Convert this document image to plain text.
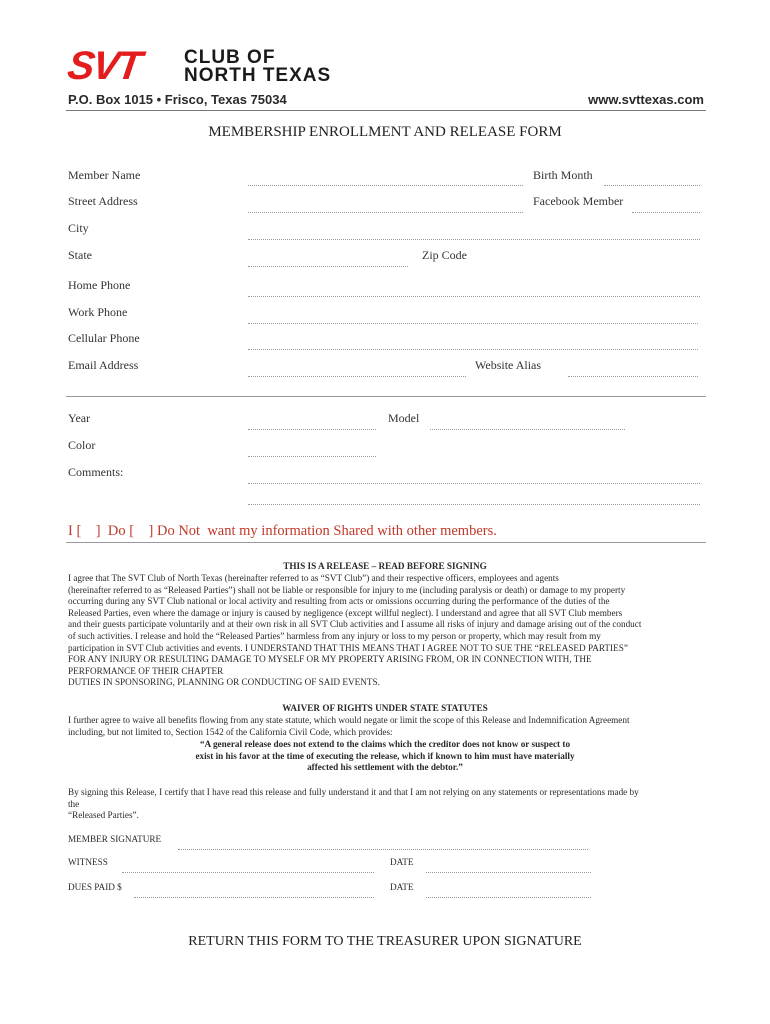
SVT CLUB OF
NORTH TEXAS
P.O. Box 1015 • Frisco, Texas 75034	www.svttexas.com
MEMBERSHIP ENROLLMENT AND RELEASE FORM
Member Name	Birth Month
Street Address	Facebook Member
City
State	Zip Code
Home Phone
Work Phone
Cellular Phone
Email Address	Website Alias
Year	Model
Color
Comments:
I [    ]  Do [    ] Do Not  want my information Shared with other members.
THIS IS A RELEASE – READ BEFORE SIGNING
I agree that The SVT Club of North Texas (hereinafter referred to as “SVT Club”) and their respective officers, employees and agents
(hereinafter referred to as “Released Parties”) shall not be liable or responsible for injury to me (including paralysis or death) or damage to my property
occurring during any SVT Club national or local activity and resulting from acts or omissions occurring during the performance of the duties of the
Released Parties, even where the damage or injury is caused by negligence (except willful neglect). I understand and agree that all SVT Club members
and their guests participate voluntarily and at their own risk in all SVT Club activities and I assume all risks of injury and damage arising out of the conduct
of such activities. I release and hold the “Released Parties” harmless from any injury or loss to my person or property, which may result from my
participation in SVT Club activities and events. I UNDERSTAND THAT THIS MEANS THAT I AGREE NOT TO SUE THE “RELEASED PARTIES”
FOR ANY INJURY OR RESULTING DAMAGE TO MYSELF OR MY PROPERTY ARISING FROM, OR IN CONNECTION WITH, THE
PERFORMANCE OF THEIR CHAPTER
DUTIES IN SPONSORING, PLANNING OR CONDUCTING OF SAID EVENTS.
WAIVER OF RIGHTS UNDER STATE STATUTES
I further agree to waive all benefits flowing from any state statute, which would negate or limit the scope of this Release and Indemnification Agreement
including, but not limited to, Section 1542 of the California Civil Code, which provides:
“A general release does not extend to the claims which the creditor does not know or suspect to
exist in his favor at the time of executing the release, which if known to him must have materially
affected his settlement with the debtor.”
By signing this Release, I certify that I have read this release and fully understand it and that I am not relying on any statements or representations made by
the
“Released Parties”.
MEMBER SIGNATURE
WITNESS	DATE
DUES PAID $	DATE
RETURN THIS FORM TO THE TREASURER UPON SIGNATURE
